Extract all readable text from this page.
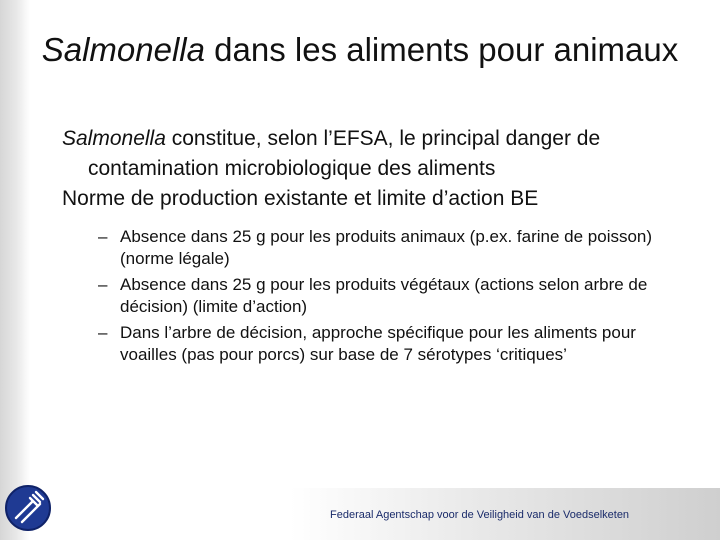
Salmonella dans les aliments pour animaux

Salmonella constitue, selon l’EFSA, le principal danger de contamination microbiologique des aliments

Norme de production existante et limite d’action BE

– Absence dans 25 g pour les produits animaux (p.ex. farine de poisson) (norme légale)
– Absence dans 25 g pour les produits végétaux (actions selon arbre de décision) (limite d’action)
– Dans l’arbre de décision, approche spécifique pour les aliments pour voailles (pas pour porcs) sur base de 7 sérotypes ‘critiques’
Federaal Agentschap voor de Veiligheid van de Voedselketen
